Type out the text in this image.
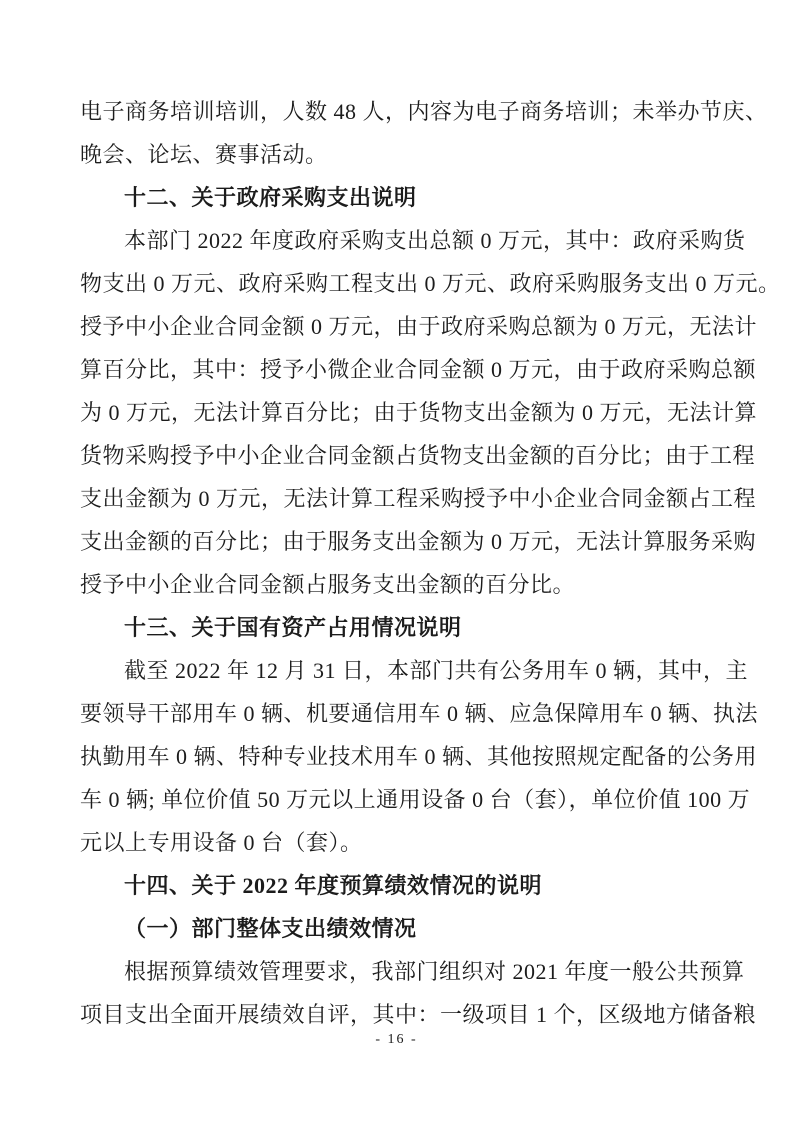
电子商务培训培训，人数 48 人，内容为电子商务培训；未举办节庆、
晚会、论坛、赛事活动。
十二、关于政府采购支出说明
本部门 2022 年度政府采购支出总额 0 万元，其中：政府采购货
物支出 0 万元、政府采购工程支出 0 万元、政府采购服务支出 0 万元。
授予中小企业合同金额 0 万元，由于政府采购总额为 0 万元，无法计
算百分比，其中：授予小微企业合同金额 0 万元，由于政府采购总额
为 0 万元，无法计算百分比；由于货物支出金额为 0 万元，无法计算
货物采购授予中小企业合同金额占货物支出金额的百分比；由于工程
支出金额为 0 万元，无法计算工程采购授予中小企业合同金额占工程
支出金额的百分比；由于服务支出金额为 0 万元，无法计算服务采购
授予中小企业合同金额占服务支出金额的百分比。
十三、关于国有资产占用情况说明
截至 2022 年 12 月 31 日，本部门共有公务用车 0 辆，其中，主
要领导干部用车 0 辆、机要通信用车 0 辆、应急保障用车 0 辆、执法
执勤用车 0 辆、特种专业技术用车 0 辆、其他按照规定配备的公务用
车 0 辆; 单位价值 50 万元以上通用设备 0 台（套），单位价值 100 万
元以上专用设备 0 台（套）。
十四、关于 2022 年度预算绩效情况的说明
（一）部门整体支出绩效情况
根据预算绩效管理要求，我部门组织对 2021 年度一般公共预算
项目支出全面开展绩效自评，其中：一级项目 1 个，区级地方储备粮
- 16 -
